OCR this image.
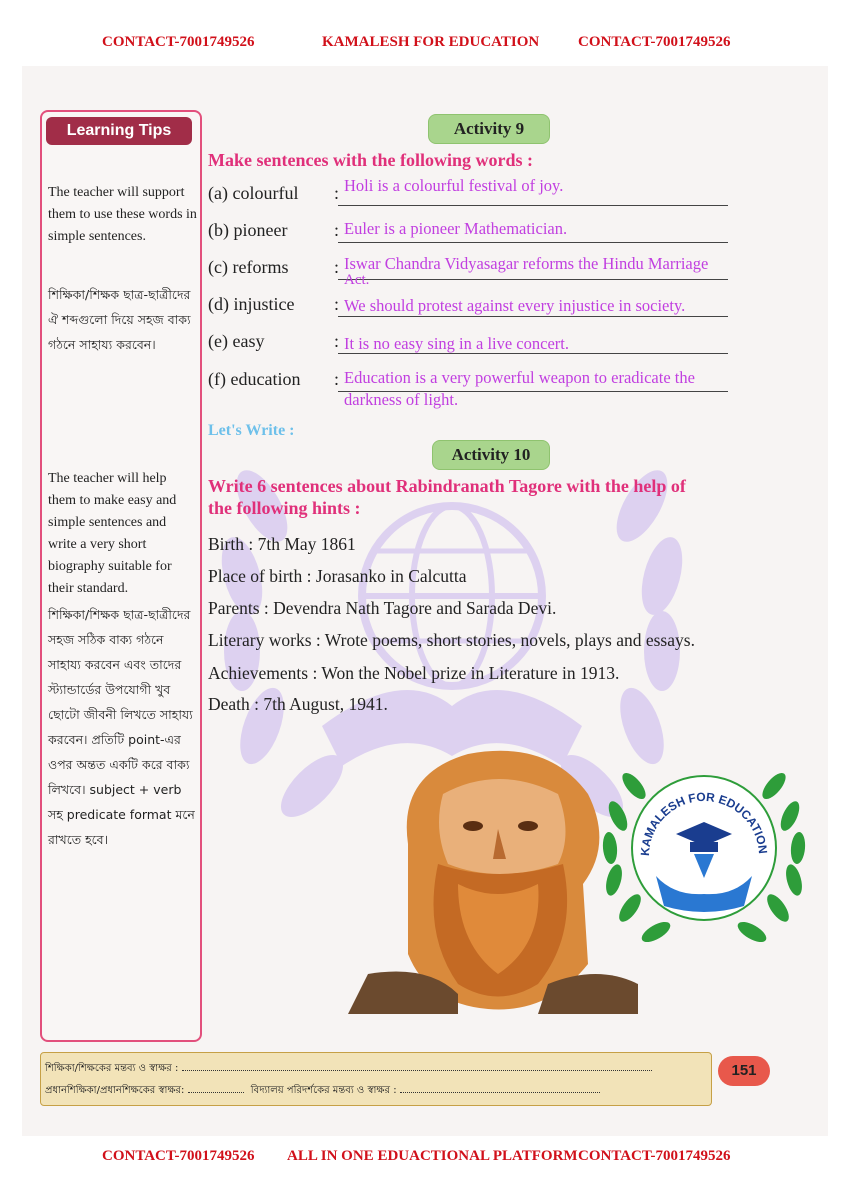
CONTACT-7001749526	KAMALESH FOR EDUCATION	CONTACT-7001749526
Learning Tips
The teacher will support them to use these words in simple sentences.
শিক্ষিকা/শিক্ষক ছাত্র-ছাত্রীদের ঐ শব্দগুলো দিয়ে সহজ বাক্য গঠনে সাহায্য করবেন।
The teacher will help them to make easy and simple sentences and write a very short biography suitable for their standard.
শিক্ষিকা/শিক্ষক ছাত্র-ছাত্রীদের সহজ সঠিক বাক্য গঠনে সাহায্য করবেন এবং তাদের স্ট্যান্ডার্ডের উপযোগী খুব ছোটো জীবনী লিখতে সাহায্য করবেন। প্রতিটি point-এর ওপর অন্তত একটি করে বাক্য লিখবে। subject + verb সহ predicate format মনে রাখতে হবে।
Activity 9
Make sentences with the following words :
(a) colourful : Holi is a colourful festival of joy.
(b) pioneer	: Euler is a pioneer Mathematician.
(c) reforms	: Iswar Chandra Vidyasagar reforms the Hindu Marriage
Act.
(d) injustice : We should protest against every injustice in society.
(e) easy	: It is no easy sing in a live concert.
(f) education : Education is a very powerful weapon to eradicate the
darkness of light.
Let's Write :
Activity 10
Write 6 sentences about Rabindranath Tagore with the help of
the following hints :
Birth : 7th May 1861
Place of birth : Jorasanko in Calcutta
Parents : Devendra Nath Tagore and Sarada Devi.
Literary works : Wrote poems, short stories, novels, plays and essays.
Achievements : Won the Nobel prize in Literature in 1913.
Death : 7th August, 1941.
KAMALESH FOR EDUCATION
শিক্ষিকা/শিক্ষকের মন্তব্য ও স্বাক্ষর :
প্রধানশিক্ষিকা/প্রধানশিক্ষকের স্বাক্ষর:	বিদ্যালয় পরিদর্শকের মন্তব্য ও স্বাক্ষর :
151
CONTACT-7001749526 ALL IN ONE EDUACTIONAL PLATFORM CONTACT-7001749526
